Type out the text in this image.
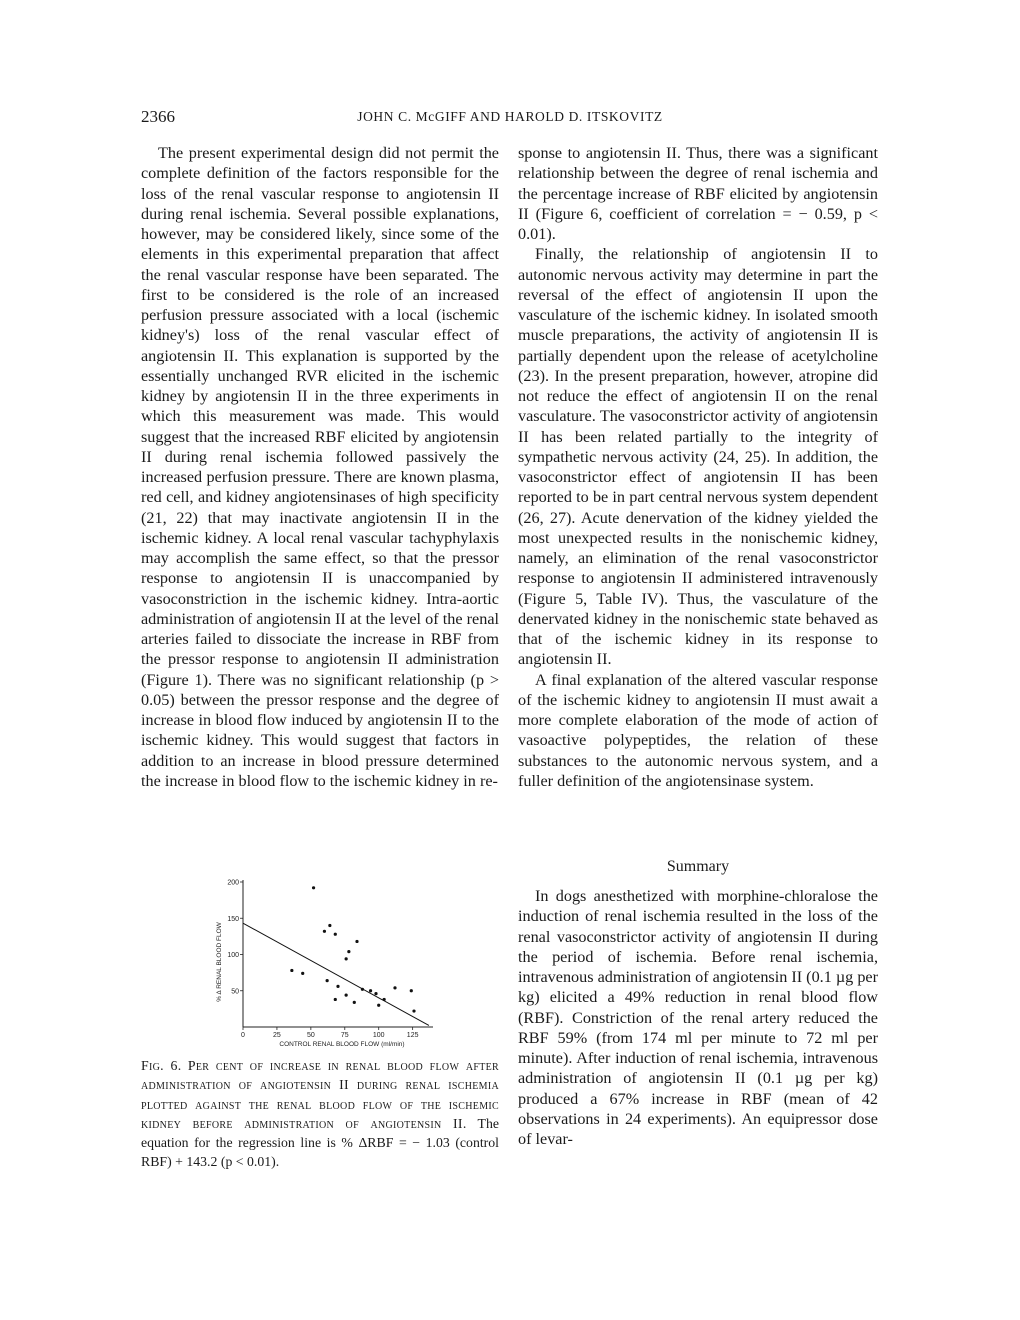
2366	JOHN C. McGIFF AND HAROLD D. ITSKOVITZ

The present experimental design did not permit the complete definition of the factors responsible for the loss of the renal vascular response to angiotensin II during renal ischemia. Several possible explanations, however, may be considered likely, since some of the elements in this experimental preparation that affect the renal vascular response have been separated. The first to be considered is the role of an increased perfusion pressure associated with a local (ischemic kidney's) loss of the renal vascular effect of angiotensin II. This explanation is supported by the essentially unchanged RVR elicited in the ischemic kidney by angiotensin II in the three experiments in which this measurement was made. This would suggest that the increased RBF elicited by angiotensin II during renal ischemia followed passively the increased perfusion pressure. There are known plasma, red cell, and kidney angiotensinases of high specificity (21, 22) that may inactivate angiotensin II in the ischemic kidney. A local renal vascular tachyphylaxis may accomplish the same effect, so that the pressor response to angiotensin II is unaccompanied by vasoconstriction in the ischemic kidney. Intra-aortic administration of angiotensin II at the level of the renal arteries failed to dissociate the increase in RBF from the pressor response to angiotensin II administration (Figure 1). There was no significant relationship (p > 0.05) between the pressor response and the degree of increase in blood flow induced by angiotensin II to the ischemic kidney. This would suggest that factors in addition to an increase in blood pressure determined the increase in blood flow to the ischemic kidney in re-

sponse to angiotensin II. Thus, there was a significant relationship between the degree of renal ischemia and the percentage increase of RBF elicited by angiotensin II (Figure 6, coefficient of correlation = − 0.59, p < 0.01).

Finally, the relationship of angiotensin II to autonomic nervous activity may determine in part the reversal of the effect of angiotensin II upon the vasculature of the ischemic kidney. In isolated smooth muscle preparations, the activity of angiotensin II is partially dependent upon the release of acetylcholine (23). In the present preparation, however, atropine did not reduce the effect of angiotensin II on the renal vasculature. The vasoconstrictor activity of angiotensin II has been related partially to the integrity of sympathetic nervous activity (24, 25). In addition, the vasoconstrictor effect of angiotensin II has been reported to be in part central nervous system dependent (26, 27). Acute denervation of the kidney yielded the most unexpected results in the nonischemic kidney, namely, an elimination of the renal vasoconstrictor response to angiotensin II administered intravenously (Figure 5, Table IV). Thus, the vasculature of the denervated kidney in the nonischemic state behaved as that of the ischemic kidney in its response to angiotensin II.

A final explanation of the altered vascular response of the ischemic kidney to angiotensin II must await a more complete elaboration of the mode of action of vasoactive polypeptides, the relation of these substances to the autonomic nervous system, and a fuller definition of the angiotensinase system.

Summary

In dogs anesthetized with morphine-chloralose the induction of renal ischemia resulted in the loss of the renal vasoconstrictor activity of angiotensin II during the period of ischemia. Before renal ischemia, intravenous administration of angiotensin II (0.1 µg per kg) elicited a 49% reduction in renal blood flow (RBF). Constriction of the renal artery reduced the RBF 59% (from 174 ml per minute to 72 ml per minute). After induction of renal ischemia, intravenous administration of angiotensin II (0.1 µg per kg) produced a 67% increase in RBF (mean of 42 observations in 24 experiments). An equipressor dose of levar-

0	25	50	75	100	125
50
100
150
200
CONTROL RENAL BLOOD FLOW (ml/min)
% Δ RENAL BLOOD FLOW
Fig. 6. Per cent of increase in renal blood flow after administration of angiotensin II during renal ischemia plotted against the renal blood flow of the ischemic kidney before administration of angiotensin II. The equation for the regression line is % ΔRBF = − 1.03 (control RBF) + 143.2 (p < 0.01).
